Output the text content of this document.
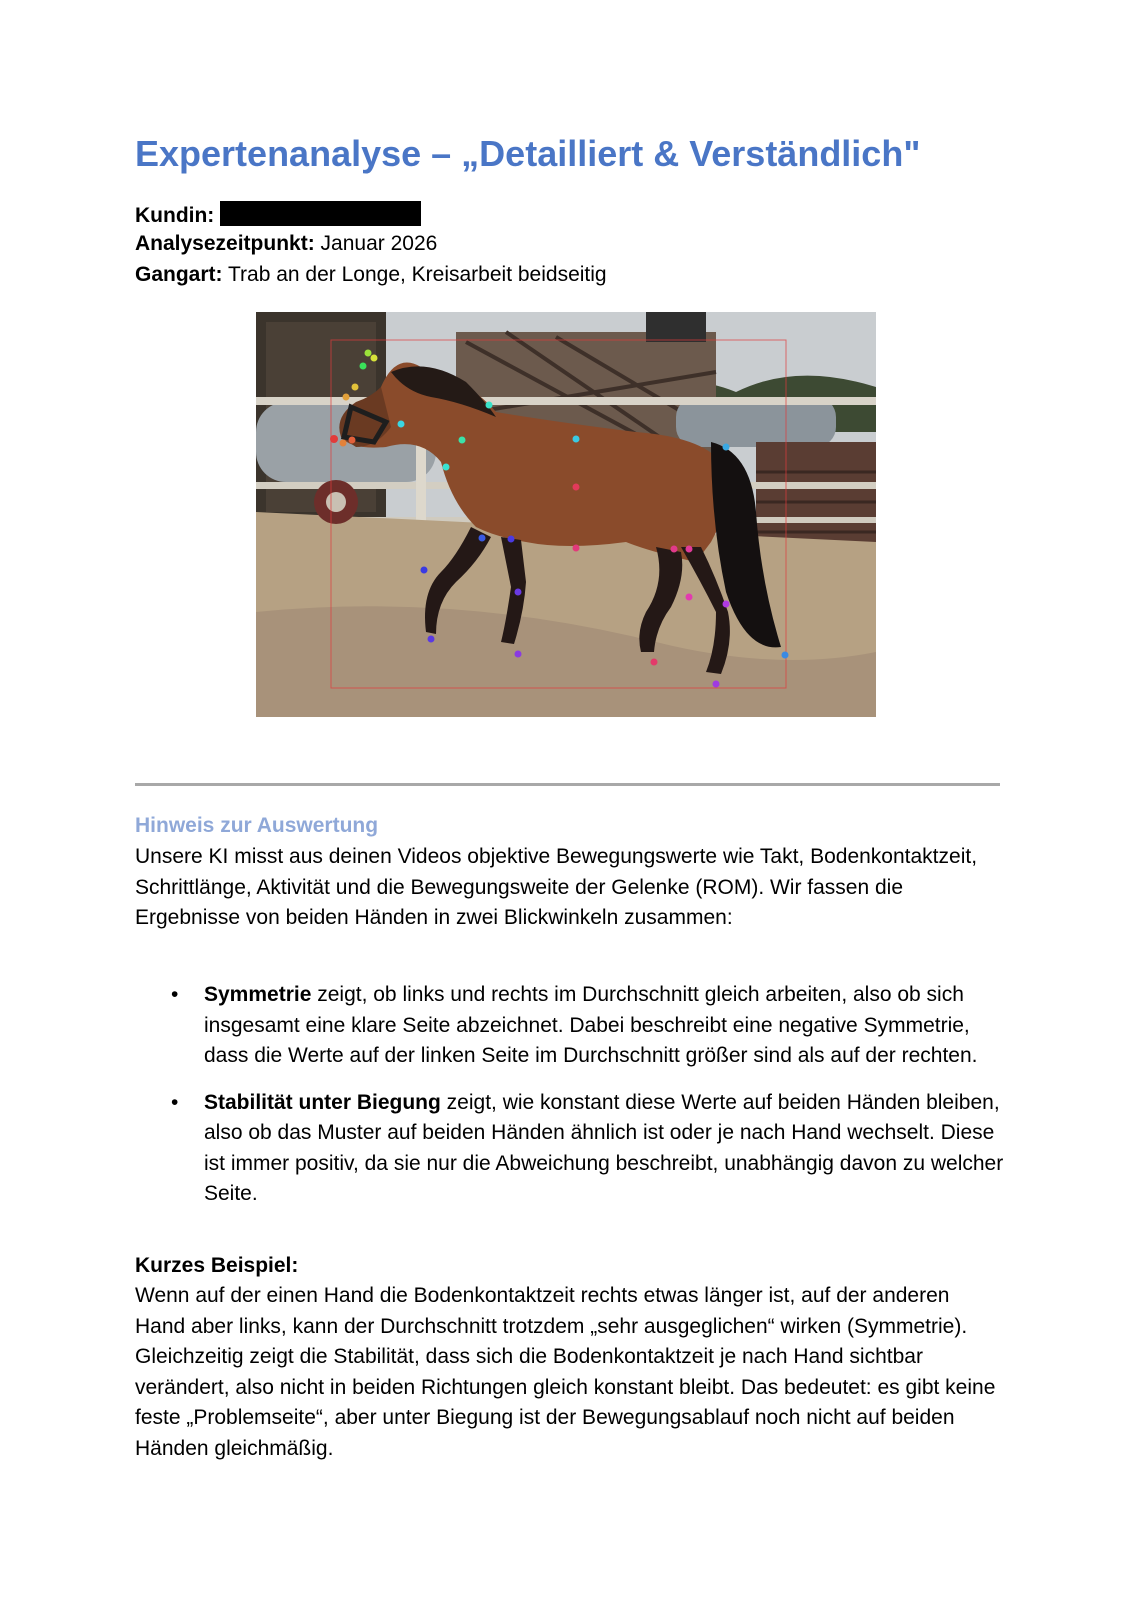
Expertenanalyse – „Detailliert & Verständlich"
Kundin:
Analysezeitpunkt: Januar 2026
Gangart: Trab an der Longe, Kreisarbeit beidseitig
Hinweis zur Auswertung

Unsere KI misst aus deinen Videos objektive Bewegungswerte wie Takt, Bodenkontaktzeit, Schrittlänge, Aktivität und die Bewegungsweite der Gelenke (ROM). Wir fassen die Ergebnisse von beiden Händen in zwei Blickwinkeln zusammen:

• Symmetrie zeigt, ob links und rechts im Durchschnitt gleich arbeiten, also ob sich insgesamt eine klare Seite abzeichnet. Dabei beschreibt eine negative Symmetrie, dass die Werte auf der linken Seite im Durchschnitt größer sind als auf der rechten.
• Stabilität unter Biegung zeigt, wie konstant diese Werte auf beiden Händen bleiben, also ob das Muster auf beiden Händen ähnlich ist oder je nach Hand wechselt. Diese ist immer positiv, da sie nur die Abweichung beschreibt, unabhängig davon zu welcher Seite.
Kurzes Beispiel:

Wenn auf der einen Hand die Bodenkontaktzeit rechts etwas länger ist, auf der anderen Hand aber links, kann der Durchschnitt trotzdem „sehr ausgeglichen“ wirken (Symmetrie). Gleichzeitig zeigt die Stabilität, dass sich die Bodenkontaktzeit je nach Hand sichtbar verändert, also nicht in beiden Richtungen gleich konstant bleibt. Das bedeutet: es gibt keine feste „Problemseite“, aber unter Biegung ist der Bewegungsablauf noch nicht auf beiden Händen gleichmäßig.
